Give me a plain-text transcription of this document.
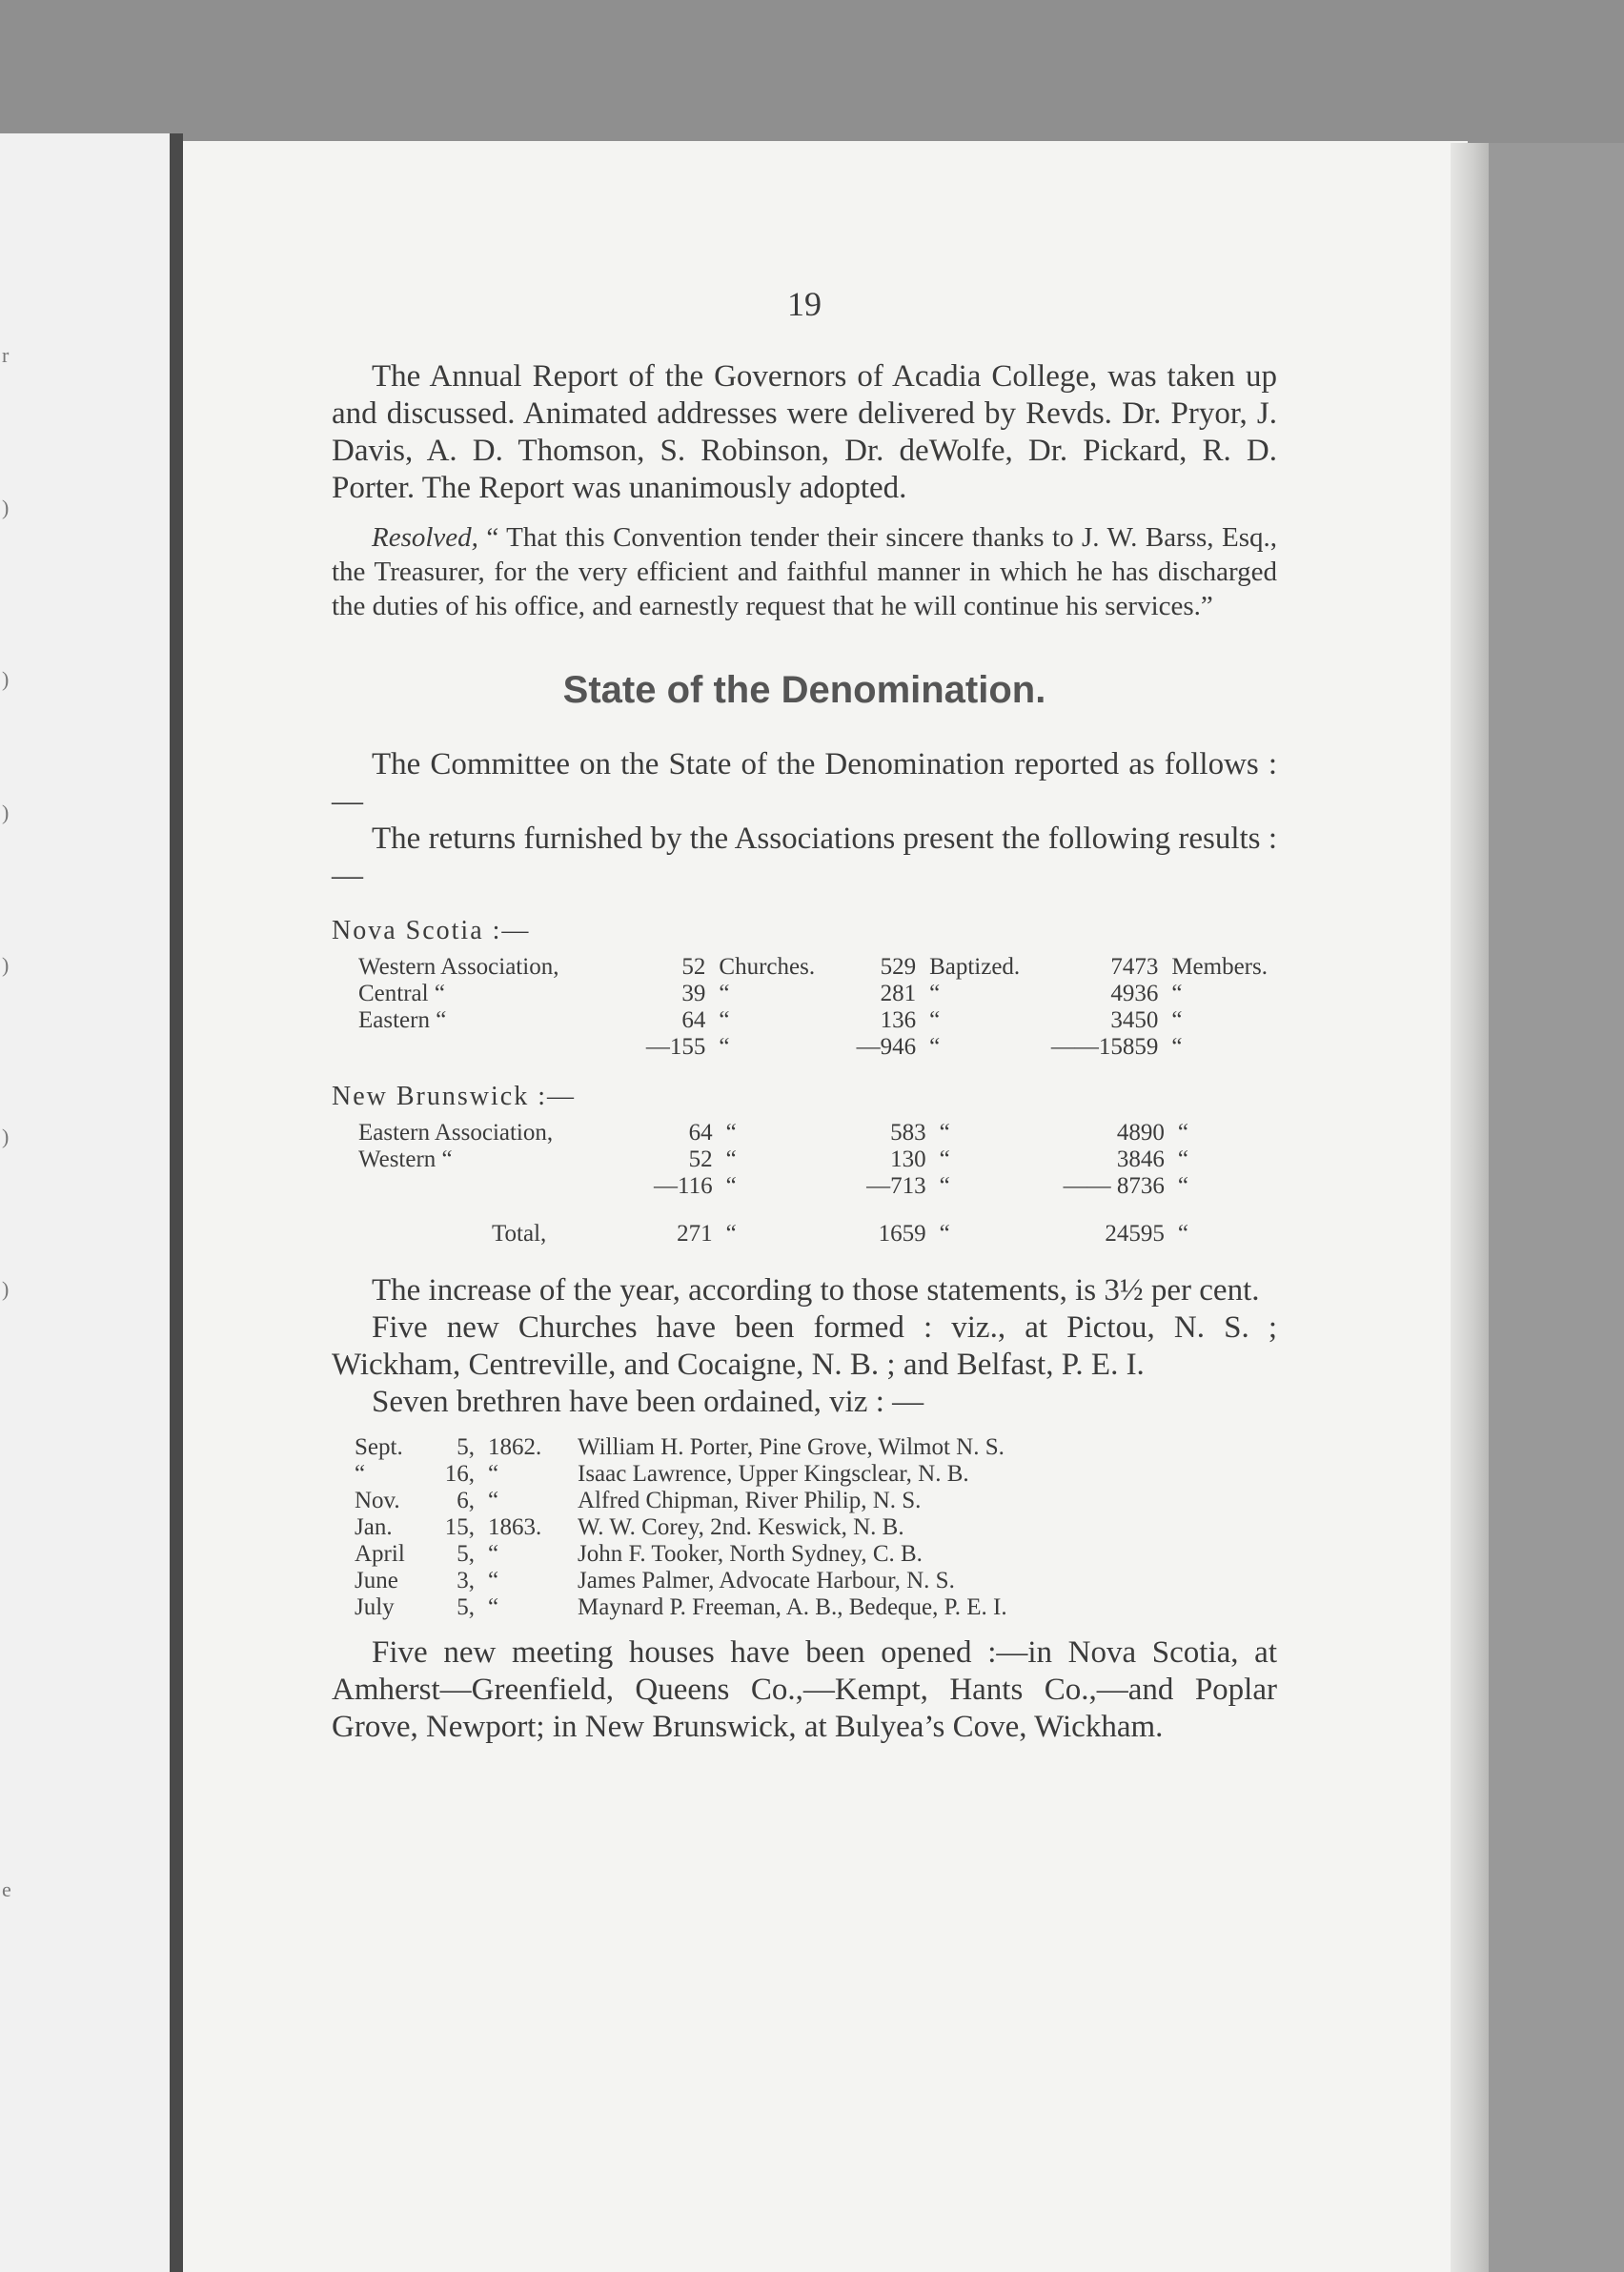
r
)
)
)
)
)
)
e
19

The Annual Report of the Governors of Acadia College, was taken up and discussed. Animated addresses were delivered by Revds. Dr. Pryor, J. Davis, A. D. Thomson, S. Robinson, Dr. deWolfe, Dr. Pickard, R. D. Porter. The Report was unanimously adopted.

Resolved, “ That this Convention tender their sincere thanks to J. W. Barss, Esq., the Treasurer, for the very efficient and faithful manner in which he has discharged the duties of his office, and earnestly request that he will continue his services.”

State of the Denomination.

The Committee on the State of the Denomination reported as follows :—

The returns furnished by the Associations present the following results :—

Nova Scotia :—
Western Association,	52	Churches.	529	Baptized.	7473	Members.
Central “	39	“	281	“	4936	“
Eastern “	64	“	136	“	3450	“
	—155	“	—946	“	——15859	“
New Brunswick :—
Eastern Association,	64	“	583	“	4890	“
Western “	52	“	130	“	3846	“
	—116	“	—713	“	—— 8736	“
Total,	271	“	1659	“	24595	“

The increase of the year, according to those statements, is 3½ per cent.

Five new Churches have been formed : viz., at Pictou, N. S. ; Wickham, Centreville, and Cocaigne, N. B. ; and Belfast, P. E. I.

Seven brethren have been ordained, viz : —

Sept.	5,	1862.	William H. Porter, Pine Grove, Wilmot N. S.
“	16,	“	Isaac Lawrence, Upper Kingsclear, N. B.
Nov.	6,	“	Alfred Chipman, River Philip, N. S.
Jan.	15,	1863.	W. W. Corey, 2nd. Keswick, N. B.
April	5,	“	John F. Tooker, North Sydney, C. B.
June	3,	“	James Palmer, Advocate Harbour, N. S.
July	5,	“	Maynard P. Freeman, A. B., Bedeque, P. E. I.

Five new meeting houses have been opened :—in Nova Scotia, at Amherst—Greenfield, Queens Co.,—Kempt, Hants Co.,—and Poplar Grove, Newport; in New Brunswick, at Bulyea’s Cove, Wickham.
